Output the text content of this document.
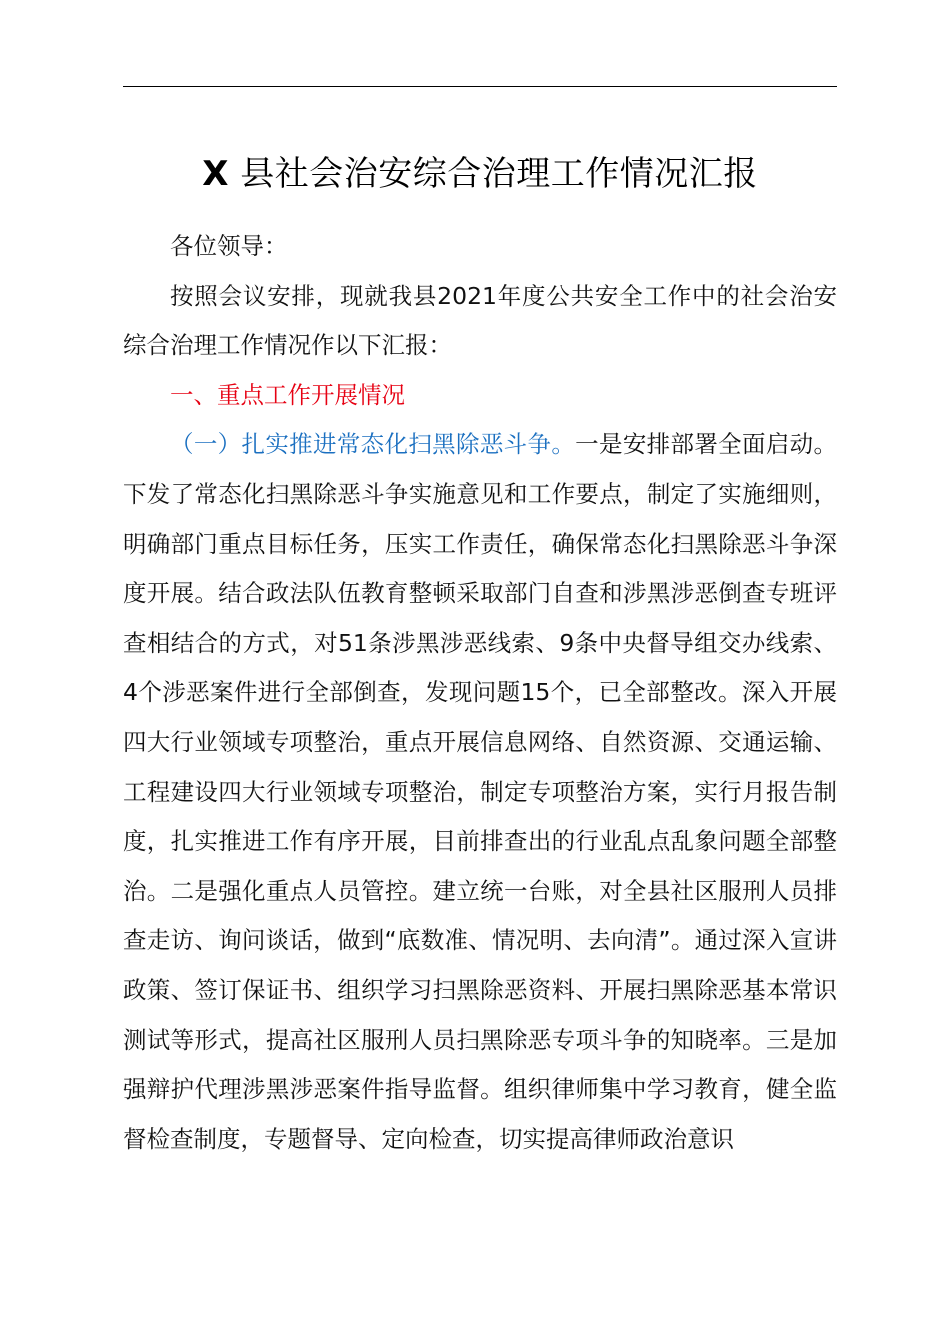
X 县社会治安综合治理工作情况汇报

各位领导：

按照会议安排，现就我县2021年度公共安全工作中的社会治安综合治理工作情况作以下汇报：

一、重点工作开展情况

（一）扎实推进常态化扫黑除恶斗争。一是安排部署全面启动。下发了常态化扫黑除恶斗争实施意见和工作要点，制定了实施细则，明确部门重点目标任务，压实工作责任，确保常态化扫黑除恶斗争深度开展。结合政法队伍教育整顿采取部门自查和涉黑涉恶倒查专班评查相结合的方式，对51条涉黑涉恶线索、9条中央督导组交办线索、4个涉恶案件进行全部倒查，发现问题15个，已全部整改。深入开展四大行业领域专项整治，重点开展信息网络、自然资源、交通运输、工程建设四大行业领域专项整治，制定专项整治方案，实行月报告制度，扎实推进工作有序开展，目前排查出的行业乱点乱象问题全部整治。二是强化重点人员管控。建立统一台账，对全县社区服刑人员排查走访、询问谈话，做到“底数准、情况明、去向清”。通过深入宣讲政策、签订保证书、组织学习扫黑除恶资料、开展扫黑除恶基本常识测试等形式，提高社区服刑人员扫黑除恶专项斗争的知晓率。三是加强辩护代理涉黑涉恶案件指导监督。组织律师集中学习教育，健全监督检查制度，专题督导、定向检查，切实提高律师政治意识
